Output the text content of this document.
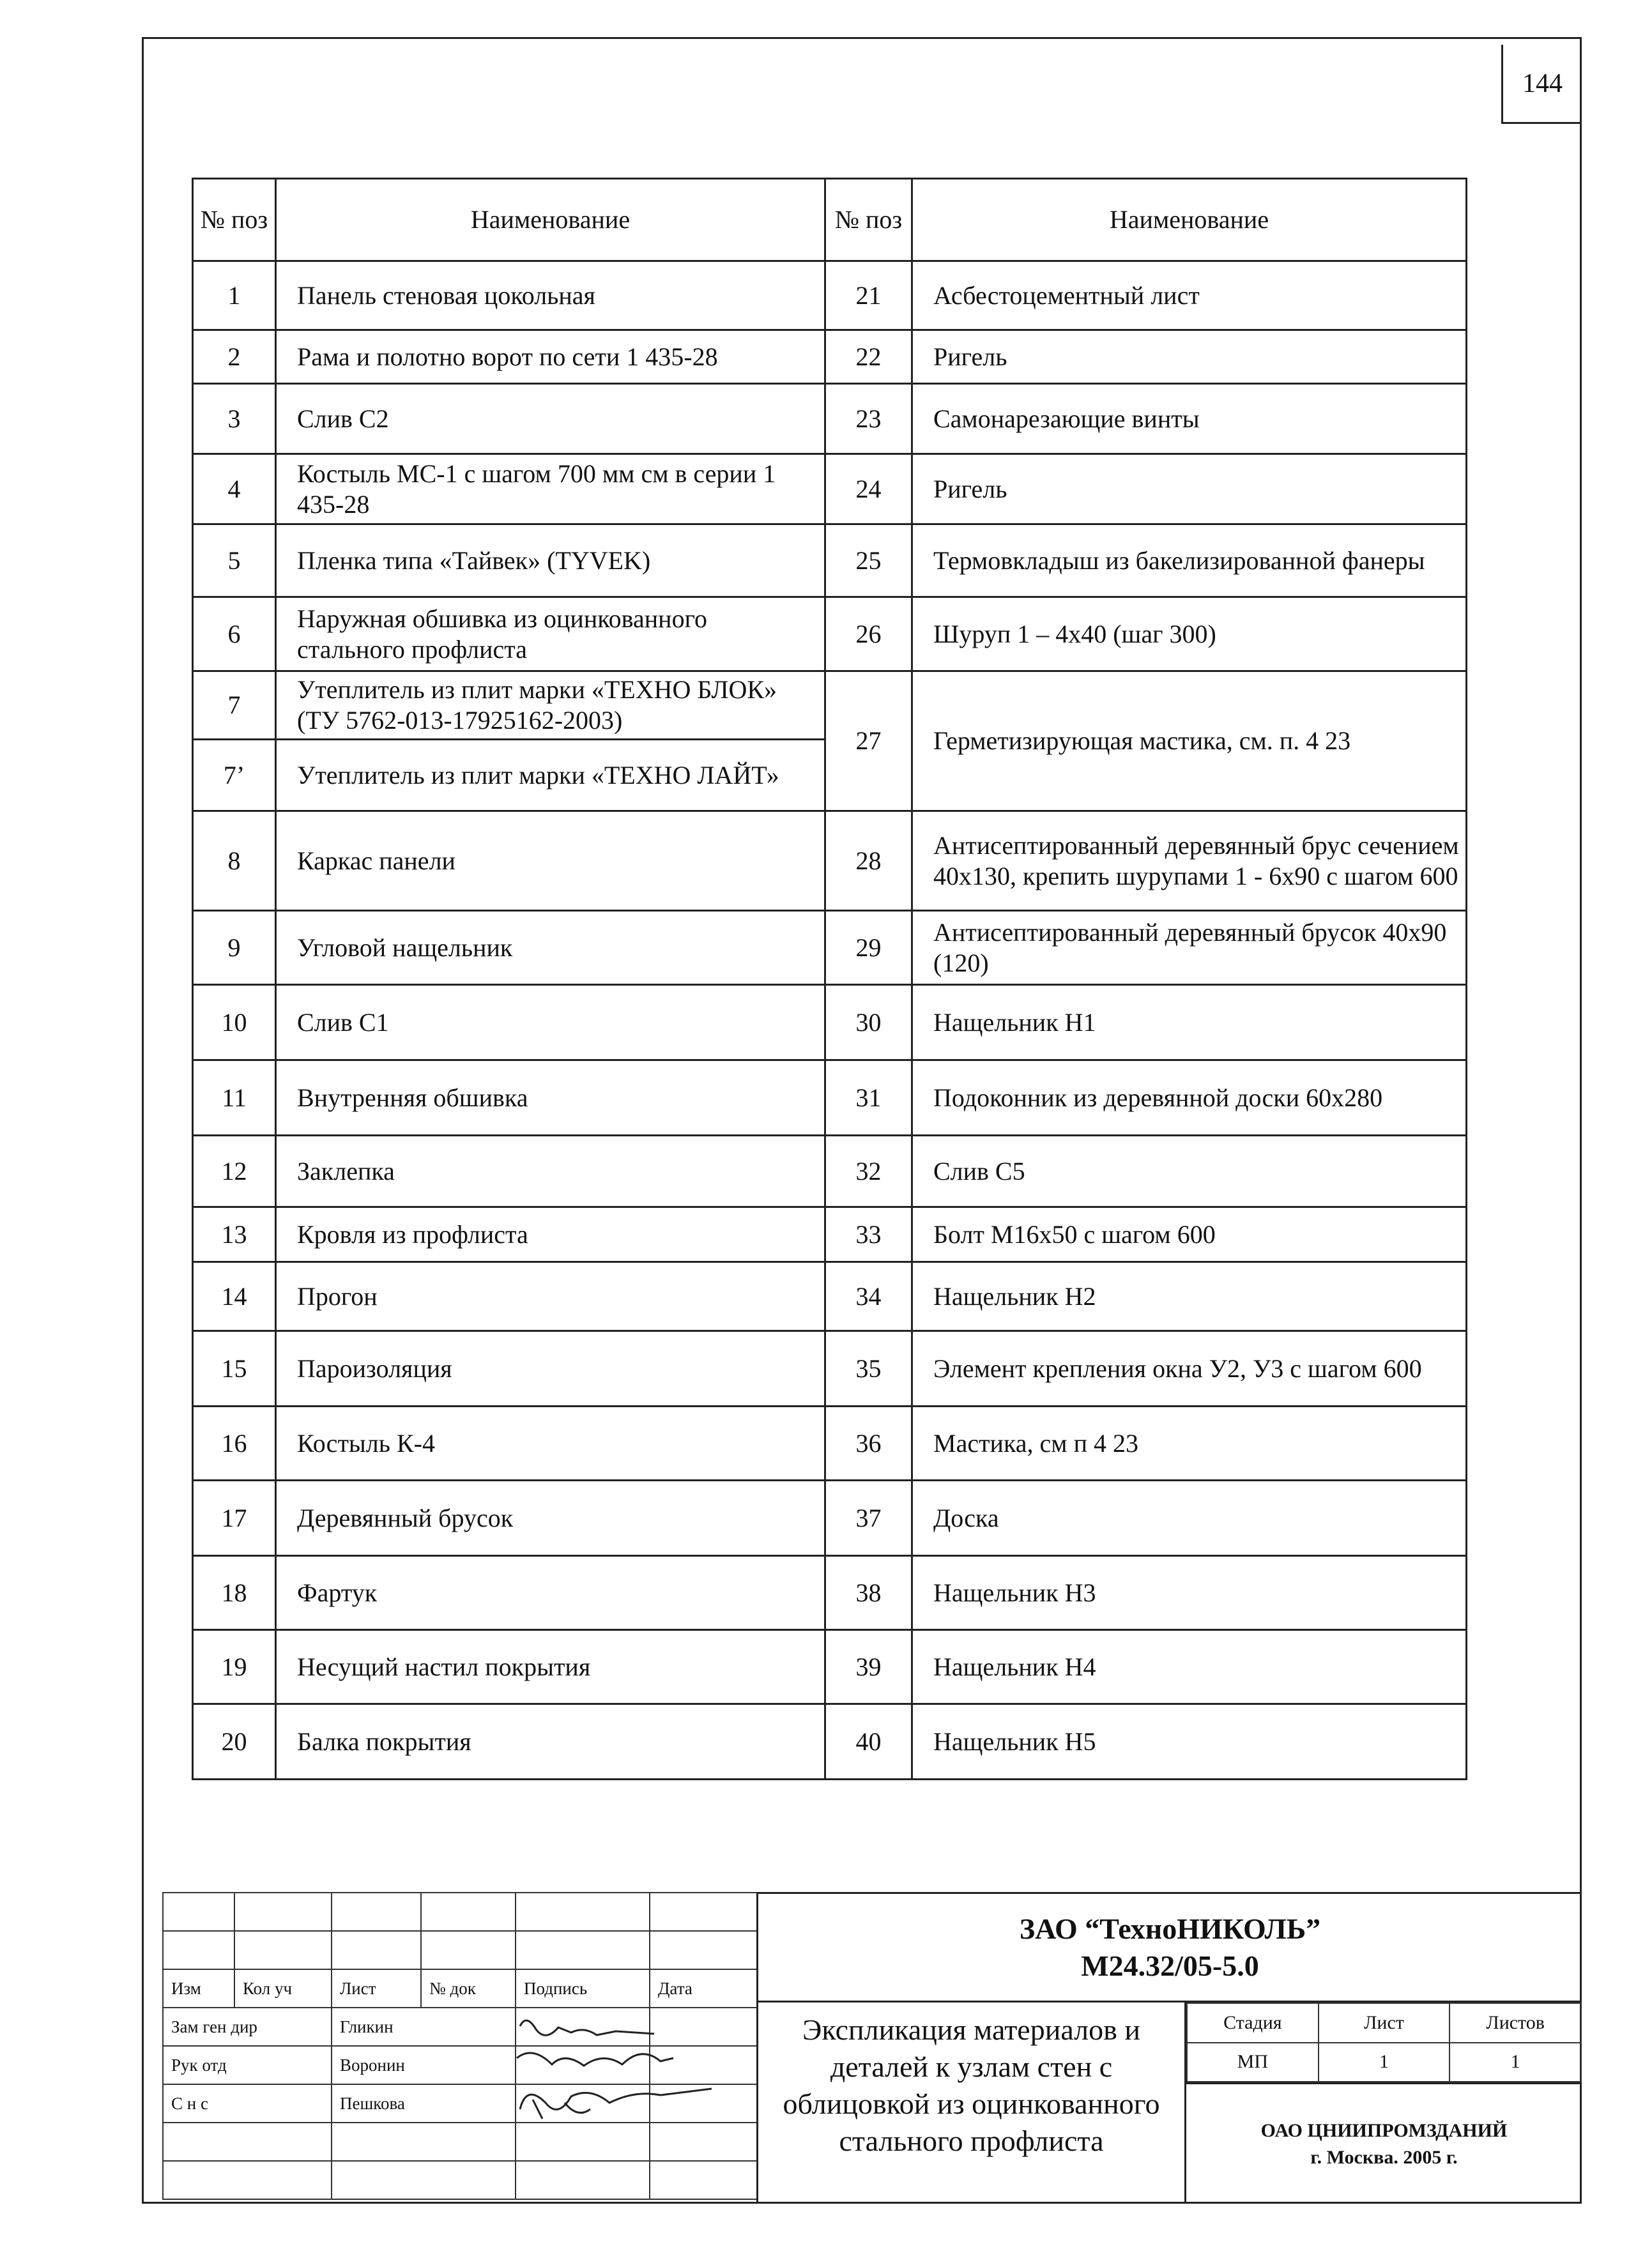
144
№ поз	Наименование	№ поз	Наименование
1	Панель стеновая цокольная	21	Асбестоцементный лист
2	Рама и полотно ворот по сети 1 435-28	22	Ригель
3	Слив С2	23	Самонарезающие винты
4	Костыль МС-1 с шагом 700 мм см в серии 1 435-28	24	Ригель
5	Пленка типа «Тайвек» (TYVEK)	25	Термовкладыш из бакелизированной фанеры
6	Наружная обшивка из оцинкованного стального профлиста	26	Шуруп 1 – 4х40 (шаг 300)
7	Утеплитель из плит марки «ТЕХНО БЛОК» (ТУ 5762-013-17925162-2003)	27	Герметизирующая мастика, см. п. 4 23
7’	Утеплитель из плит марки «ТЕХНО ЛАЙТ»		
8	Каркас панели	28	Антисептированный деревянный брус сечением 40х130, крепить шурупами 1 - 6х90 с шагом 600
9	Угловой нащельник	29	Антисептированный деревянный брусок 40х90 (120)
10	Слив С1	30	Нащельник Н1
11	Внутренняя обшивка	31	Подоконник из деревянной доски 60х280
12	Заклепка	32	Слив С5
13	Кровля из профлиста	33	Болт М16х50 с шагом 600
14	Прогон	34	Нащельник Н2
15	Пароизоляция	35	Элемент крепления окна У2, У3 с шагом 600
16	Костыль К-4	36	Мастика, см п 4 23
17	Деревянный брусок	37	Доска
18	Фартук	38	Нащельник Н3
19	Несущий настил покрытия	39	Нащельник Н4
20	Балка покрытия	40	Нащельник Н5

Изм	Кол уч	Лист	№ док	Подпись	Дата
Зам ген дир		Гликин			
Рук отд		Воронин			
С н с		Пешкова			

ЗАО “ТехноНИКОЛЬ”
М24.32/05-5.0
Экспликация материалов и деталей к узлам стен с облицовкой из оцинкованного стального профлиста
Стадия	Лист	Листов
МП	1	1
ОАО ЦНИИПРОМЗДАНИЙ
г. Москва. 2005 г.
